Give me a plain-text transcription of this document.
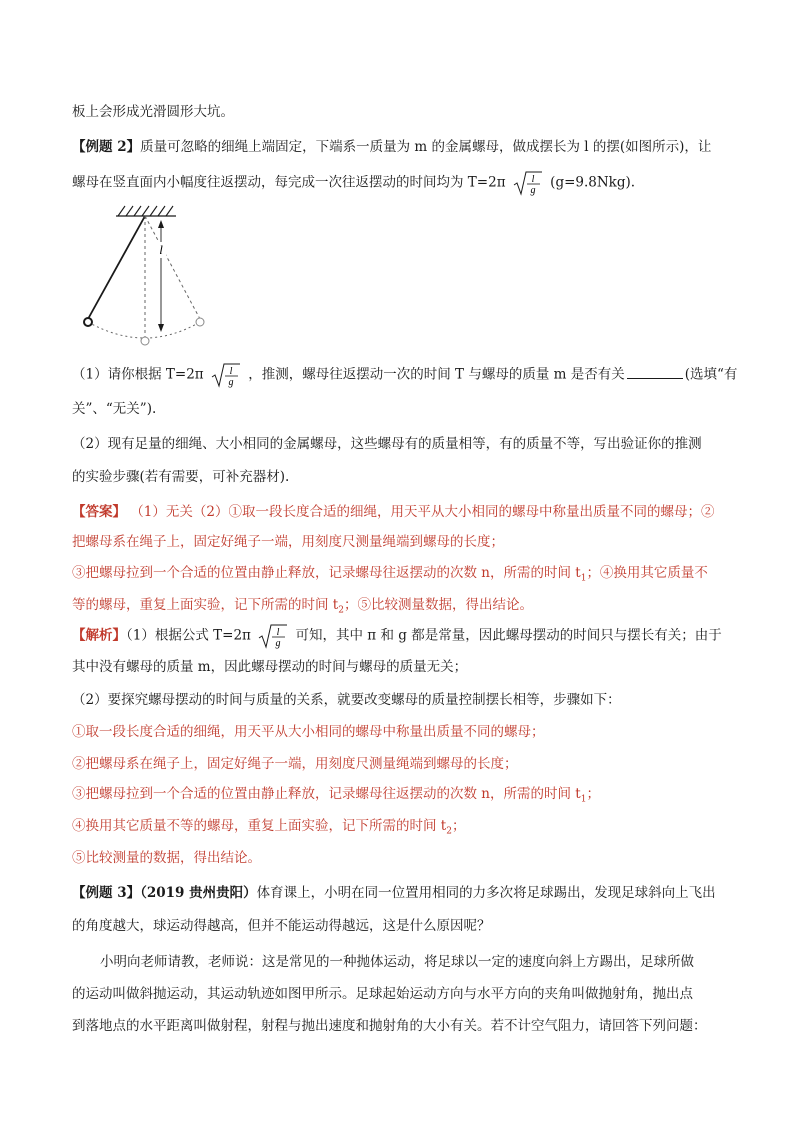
板上会形成光滑圆形大坑。
【例题 2】质量可忽略的细绳上端固定，下端系一质量为 m 的金属螺母，做成摆长为 l 的摆(如图所示)，让
螺母在竖直面内小幅度往返摆动，每完成一次往返摆动的时间均为 T=2π	l
g (g=9.8Nkg).
l
（1）请你根据 T=2π	l
g ，推测，螺母往返摆动一次的时间 T 与螺母的质量 m 是否有关	(选填“有
关”、“无关”).
（2）现有足量的细绳、大小相同的金属螺母，这些螺母有的质量相等，有的质量不等，写出验证你的推测
的实验步骤(若有需要，可补充器材).
【答案】 （1）无关（2）①取一段长度合适的细绳，用天平从大小相同的螺母中称量出质量不同的螺母；②
把螺母系在绳子上，固定好绳子一端，用刻度尺测量绳端到螺母的长度；
③把螺母拉到一个合适的位置由静止释放，记录螺母往返摆动的次数 n，所需的时间 $t_1$；④换用其它质量不
等的螺母，重复上面实验，记下所需的时间 $t_2$；⑤比较测量数据，得出结论。
【解析】（1）根据公式 T=2π	l
g 可知，其中 π 和 g 都是常量，因此螺母摆动的时间只与摆长有关；由于
其中没有螺母的质量 m，因此螺母摆动的时间与螺母的质量无关；
（2）要探究螺母摆动的时间与质量的关系，就要改变螺母的质量控制摆长相等，步骤如下：
①取一段长度合适的细绳，用天平从大小相同的螺母中称量出质量不同的螺母；
②把螺母系在绳子上，固定好绳子一端，用刻度尺测量绳端到螺母的长度；
③把螺母拉到一个合适的位置由静止释放，记录螺母往返摆动的次数 n，所需的时间 $t_1$；
④换用其它质量不等的螺母，重复上面实验，记下所需的时间 $t_2$；
⑤比较测量的数据，得出结论。
【例题 3】（2019 贵州贵阳）体育课上，小明在同一位置用相同的力多次将足球踢出，发现足球斜向上飞出
的角度越大，球运动得越高，但并不能运动得越远，这是什么原因呢？
小明向老师请教，老师说：这是常见的一种抛体运动，将足球以一定的速度向斜上方踢出，足球所做
的运动叫做斜抛运动，其运动轨迹如图甲所示。足球起始运动方向与水平方向的夹角叫做抛射角，抛出点
到落地点的水平距离叫做射程，射程与抛出速度和抛射角的大小有关。若不计空气阻力，请回答下列问题：
